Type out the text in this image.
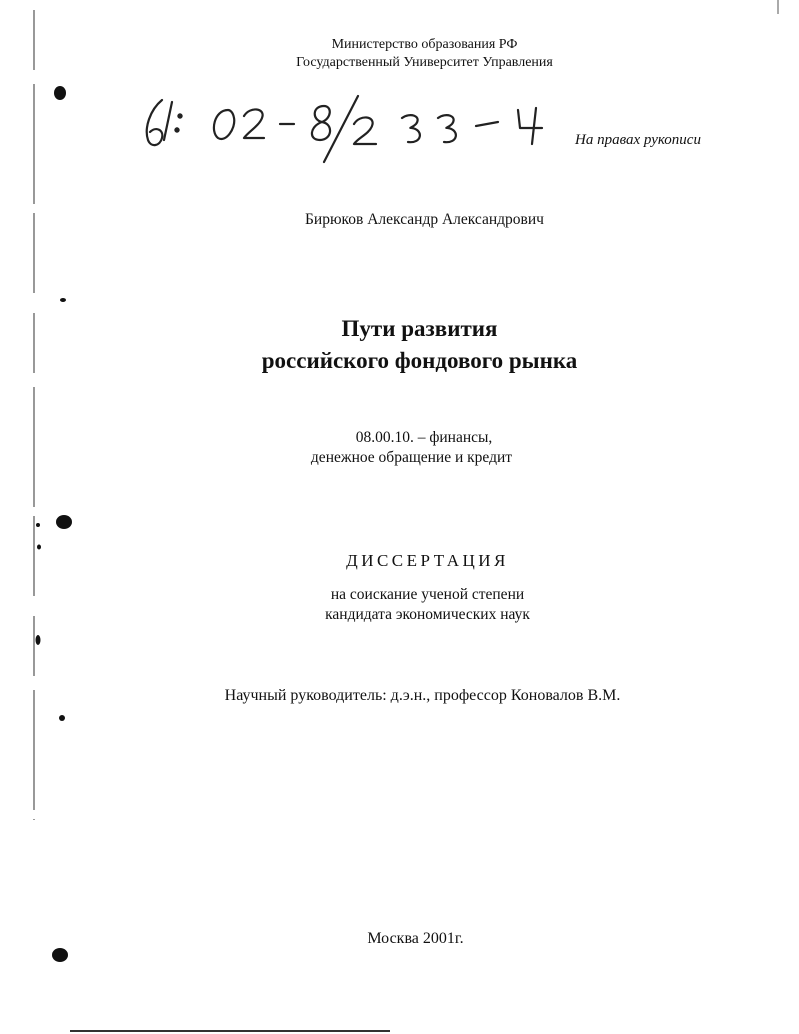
Министерство образования РФ
Государственный Университет Управления
На правах рукописи
Бирюков Александр Александрович
Пути развития
российского фондового рынка
08.00.10. – финансы,
денежное обращение и кредит
ДИССЕРТАЦИЯ
на соискание ученой степени
кандидата экономических наук
Научный руководитель: д.э.н., профессор Коновалов В.М.
Москва 2001г.
